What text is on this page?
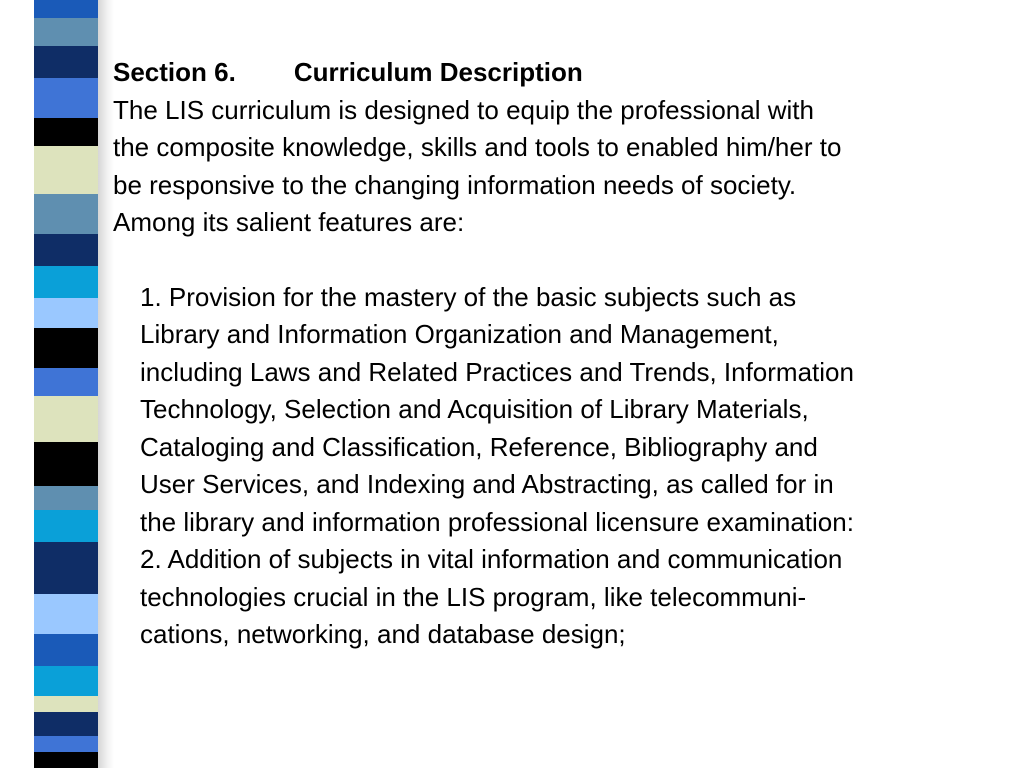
Section 6. Curriculum Description
The LIS curriculum is designed to equip the professional with
the composite knowledge, skills and tools to enabled him/her to
be responsive to the changing information needs of society.
Among its salient features are:
1. Provision for the mastery of the basic subjects such as
Library and Information Organization and Management,
including Laws and Related Practices and Trends, Information
Technology, Selection and Acquisition of Library Materials,
Cataloging and Classification, Reference, Bibliography and
User Services, and Indexing and Abstracting, as called for in
the library and information professional licensure examination:
2. Addition of subjects in vital information and communication
technologies crucial in the LIS program, like telecommuni-
cations, networking, and database design;
